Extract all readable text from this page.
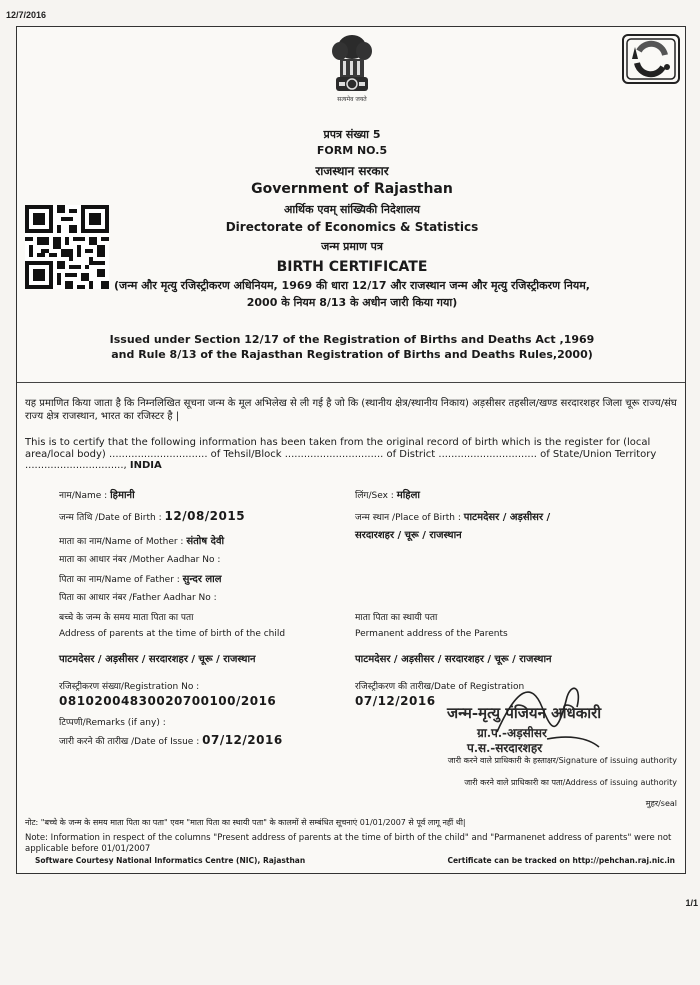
12/7/2016
सत्यमेव जयते
प्रपत्र संख्या 5
FORM NO.5
राजस्थान सरकार
Government of Rajasthan
आर्थिक एवम् सांख्यिकी निदेशालय
Directorate of Economics & Statistics
जन्म प्रमाण पत्र
BIRTH CERTIFICATE
(जन्म और मृत्यु रजिस्ट्रीकरण अधिनियम, 1969 की धारा 12/17 और राजस्थान जन्म और मृत्यु रजिस्ट्रीकरण नियम, 2000 के नियम 8/13 के अधीन जारी किया गया)
Issued under Section 12/17 of the Registration of Births and Deaths Act ,1969 and Rule 8/13 of the Rajasthan Registration of Births and Deaths Rules,2000)
यह प्रमाणित किया जाता है कि निम्नलिखित सूचना जन्म के मूल अभिलेख से ली गई है जो कि (स्थानीय क्षेत्र/स्थानीय निकाय) अड़सीसर तहसील/खण्ड सरदारशहर जिला चूरू राज्य/संघ राज्य क्षेत्र राजस्थान, भारत का रजिस्टर है |
This is to certify that the following information has been taken from the original record of birth which is the register for (local area/local body) ............................... of Tehsil/Block ............................... of District ............................... of State/Union Territory ..............................., INDIA
नाम/Name : हिमानी
जन्म तिथि /Date of Birth : 12/08/2015
माता का नाम/Name of Mother : संतोष देवी
माता का आधार नंबर /Mother Aadhar No :
पिता का नाम/Name of Father : सुन्दर लाल
पिता का आधार नंबर /Father Aadhar No :
लिंग/Sex : महिला
जन्म स्थान /Place of Birth : पाटमदेसर / अड़सीसर /
सरदारशहर / चूरू / राजस्थान
बच्चे के जन्म के समय माता पिता का पता
Address of parents at the time of birth of the child
पाटमदेसर / अड़सीसर / सरदारशहर / चूरू / राजस्थान
माता पिता का स्थायी पता
Permanent address of the Parents
पाटमदेसर / अड़सीसर / सरदारशहर / चूरू / राजस्थान
रजिस्ट्रीकरण संख्या/Registration No :
08102004830020700100/2016
टिप्पणी/Remarks (if any) :
जारी करने की तारीख /Date of Issue : 07/12/2016
रजिस्ट्रीकरण की तारीख/Date of Registration
07/12/2016
जन्म-मृत्यु पंजियन अधिकारी
ग्रा.प.-अड़सीसर
प.स.-सरदारशहर
जारी करने वाले प्राधिकारी के हस्ताक्षर/Signature of issuing authority
जारी करने वाले प्राधिकारी का पता/Address of issuing authority
मुहर/seal
नोट: "बच्चे के जन्म के समय माता पिता का पता" एवम "माता पिता का स्थायी पता" के कालमों से सम्बंधित सूचनाएं 01/01/2007 से पूर्व लागू नहीं थी|
Note: Information in respect of the columns "Present address of parents at the time of birth of the child" and "Parmanenet address of parents" were not applicable before 01/01/2007
Software Courtesy National Informatics Centre (NIC), Rajasthan	Certificate can be tracked on http://pehchan.raj.nic.in
1/1
